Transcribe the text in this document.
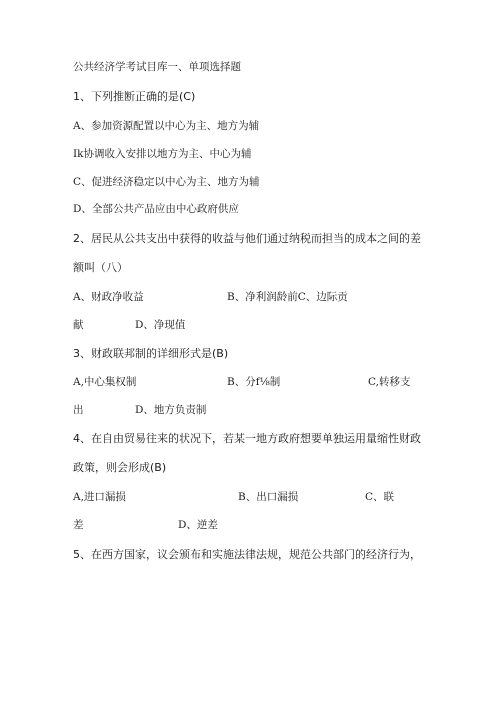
公共经济学考试目库一、单项选择题
1、下列推断正确的是(C)
A、参加资源配置以中心为主、地方为辅
Ik协调收入安排以地方为主、中心为辅
C、促进经济稳定以中心为主、地方为辅
D、全部公共产品应由中心政府供应
2、居民从公共支出中获得的收益与他们通过纳税而担当的成本之间的差
额叫（八）
A、财政净收益	B、净利润龄前C、边际贡
献	D、净现值
3、财政联邦制的详细形式是(B)
A,中心集权制	B、分f⅛制	C,转移支
出	D、地方负责制
4、在自由贸易往来的状况下，若某一地方政府想要单独运用量缩性财政
政策，则会形成(B)
A,进口漏损	B、出口漏损	C、联
差	D、逆差
5、在西方国家，议会颁布和实施法律法规，规范公共部门的经济行为，
